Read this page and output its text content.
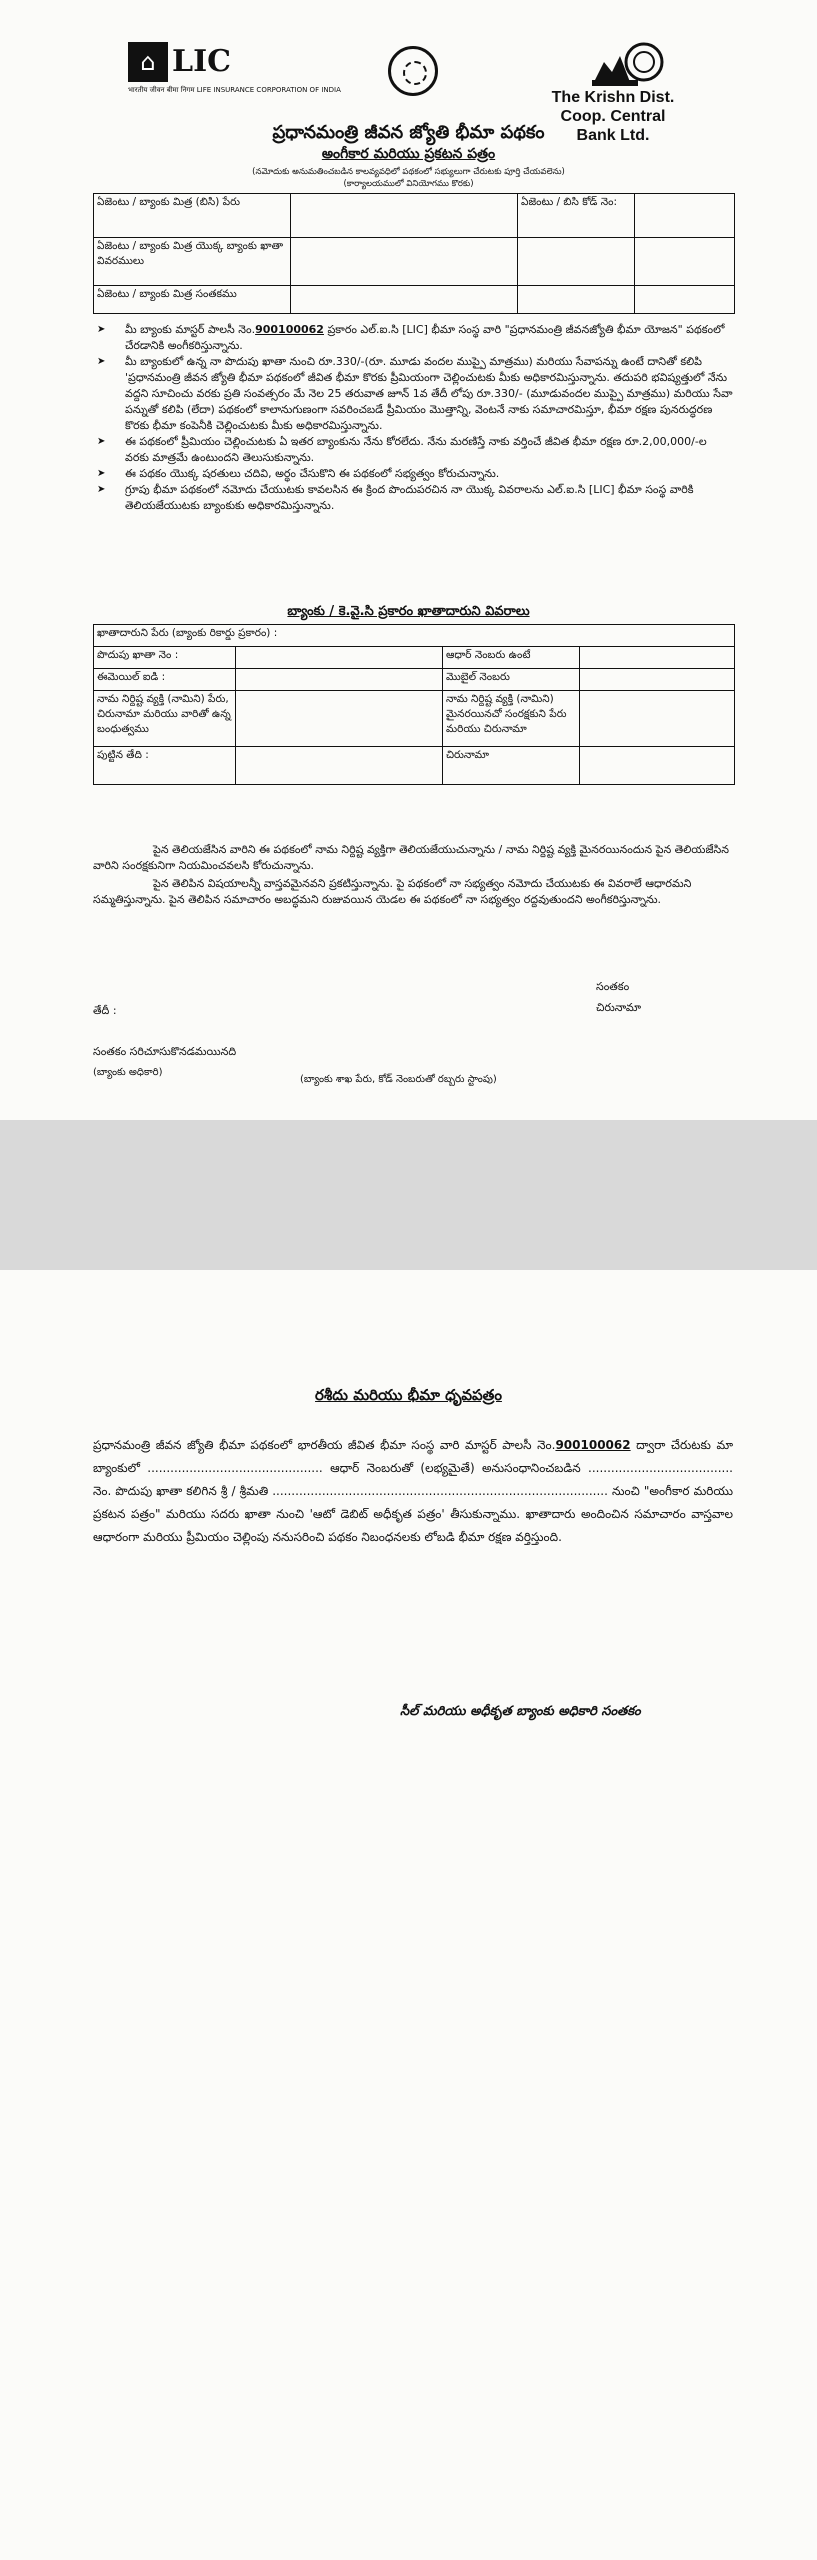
⌂ LIC
भारतीय जीवन बीमा निगम LIFE INSURANCE CORPORATION OF INDIA	The Krishn Dist. Coop. Central Bank Ltd.
ప్రధానమంత్రి జీవన జ్యోతి భీమా పథకం
అంగీకార మరియు ప్రకటన పత్రం
(నమోదుకు అనుమతించబడిన కాలవ్యవధిలో పథకంలో సభ్యులుగా చేరుటకు పూర్తి చేయవలెను)
(కార్యాలయములో వినియోగము కొరకు)
ఏజెంటు / బ్యాంకు మిత్ర (బిసి) పేరు		ఏజెంటు / బిసి కోడ్ నెం:	
ఏజెంటు / బ్యాంకు మిత్ర యొక్క బ్యాంకు ఖాతా వివరములు			
ఏజెంటు / బ్యాంకు మిత్ర సంతకము			

➤ మీ బ్యాంకు మాస్టర్ పాలసీ నెం.900100062 ప్రకారం ఎల్.ఐ.సి [LIC] భీమా సంస్థ వారి "ప్రధానమంత్రి జీవనజ్యోతి భీమా యోజన" పథకంలో చేరడానికి అంగీకరిస్తున్నాను.

➤ మీ బ్యాంకులో ఉన్న నా పొదుపు ఖాతా నుంచి రూ.330/-(రూ. మూడు వందల ముప్పై మాత్రము) మరియు సేవాపన్ను ఉంటే దానితో కలిపి 'ప్రధానమంత్రి జీవన జ్యోతి భీమా పథకంలో జీవిత భీమా కొరకు ప్రీమియంగా చెల్లించుటకు మీకు అధికారమిస్తున్నాను. తదుపరి భవిష్యత్తులో నేను వద్దని సూచించు వరకు ప్రతి సంవత్సరం మే నెల 25 తరువాత జూన్ 1వ తేదీ లోపు రూ.330/- (మూడువందల ముప్పై మాత్రము) మరియు సేవా పన్నుతో కలిపి (లేదా) పథకంలో కాలానుగుణంగా సవరించబడే ప్రీమియం మొత్తాన్ని, వెంటనే నాకు సమాచారమిస్తూ, భీమా రక్షణ పునరుద్ధరణ కొరకు భీమా కంపెనీకి చెల్లించుటకు మీకు అధికారమిస్తున్నాను.

➤ ఈ పథకంలో ప్రీమియం చెల్లించుటకు ఏ ఇతర బ్యాంకును నేను కోరలేదు. నేను మరణిస్తే నాకు వర్తించే జీవిత భీమా రక్షణ రూ.2,00,000/-ల వరకు మాత్రమే ఉంటుందని తెలుసుకున్నాను.

➤ ఈ పథకం యొక్క షరతులు చదివి, అర్థం చేసుకొని ఈ పథకంలో సభ్యత్వం కోరుచున్నాను.

➤ గ్రూపు భీమా పథకంలో నమోదు చేయుటకు కావలసిన ఈ క్రింద పొందుపరచిన నా యొక్క వివరాలను ఎల్.ఐ.సి [LIC] భీమా సంస్థ వారికి తెలియజేయుటకు బ్యాంకుకు అధికారమిస్తున్నాను.

బ్యాంకు / కె.వై.సి ప్రకారం ఖాతాదారుని వివరాలు
ఖాతాదారుని పేరు (బ్యాంకు రికార్డు ప్రకారం) :			
పొదుపు ఖాతా నెం :		ఆధార్ నెంబరు ఉంటే	
ఈమెయిల్ ఐడి :		మొబైల్ నెంబరు	
నామ నిర్దిష్ట వ్యక్తి (నామిని) పేరు, చిరునామా మరియు వారితో ఉన్న బంధుత్వము		నామ నిర్దిష్ట వ్యక్తి (నామిని) మైనరయినచో సంరక్షకుని పేరు మరియు చిరునామా	
పుట్టిన తేది :		చిరునామా	
పైన తెలియజేసిన వారిని ఈ పథకంలో నామ నిర్దిష్ట వ్యక్తిగా తెలియజేయుచున్నాను / నామ నిర్దిష్ట వ్యక్తి మైనరయినందున పైన తెలియజేసిన వారిని సంరక్షకునిగా నియమించవలసి కోరుచున్నాను.
పైన తెలిపిన విషయాలన్నీ వాస్తవమైనవని ప్రకటిస్తున్నాను. పై పథకంలో నా సభ్యత్వం నమోదు చేయుటకు ఈ వివరాలే ఆధారమని సమ్మతిస్తున్నాను. పైన తెలిపిన సమాచారం అబద్ధమని రుజువయిన యెడల ఈ పథకంలో నా సభ్యత్వం రద్దవుతుందని అంగీకరిస్తున్నాను.
సంతకం
చిరునామా
తేదీ :
సంతకం సరిచూసుకొనడమయినది
(బ్యాంకు అధికారి)
(బ్యాంకు శాఖ పేరు, కోడ్ నెంబరుతో రబ్బరు స్టాంపు)
రశీదు మరియు భీమా ధృవపత్రం
ప్రధానమంత్రి జీవన జ్యోతి భీమా పథకంలో భారతీయ జీవిత భీమా సంస్థ వారి మాస్టర్ పాలసీ నెం.900100062 ద్వారా చేరుటకు మా బ్యాంకులో .............................................. ఆధార్ నెంబరుతో (లభ్యమైతే) అనుసంధానించబడిన ...................................... నెం. పొదుపు ఖాతా కలిగిన శ్రీ / శ్రీమతి ........................................................................................ నుంచి "అంగీకార మరియు ప్రకటన పత్రం" మరియు సదరు ఖాతా నుంచి 'ఆటో డెబిట్ అధీకృత పత్రం' తీసుకున్నాము. ఖాతాదారు అందించిన సమాచారం వాస్తవాల ఆధారంగా మరియు ప్రీమియం చెల్లింపు ననుసరించి పథకం నిబంధనలకు లోబడి భీమా రక్షణ వర్తిస్తుంది.
సీల్ మరియు అధీకృత బ్యాంకు అధికారి సంతకం
